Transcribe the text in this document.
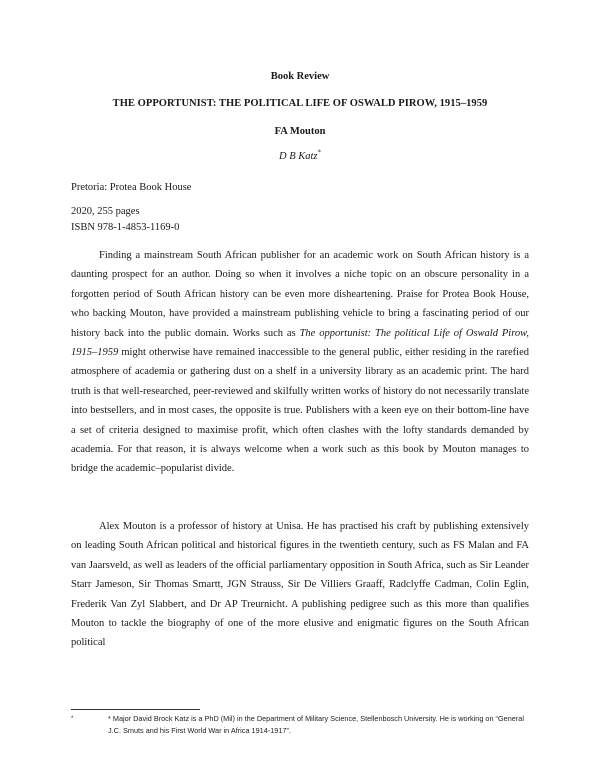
Book Review
THE OPPORTUNIST: THE POLITICAL LIFE OF OSWALD PIROW, 1915–1959
FA Mouton
D B Katz*
Pretoria: Protea Book House
2020, 255 pages
ISBN 978-1-4853-1169-0

Finding a mainstream South African publisher for an academic work on South African history is a daunting prospect for an author. Doing so when it involves a niche topic on an obscure personality in a forgotten period of South African history can be even more disheartening. Praise for Protea Book House, who backing Mouton, have provided a mainstream publishing vehicle to bring a fascinating period of our history back into the public domain. Works such as The opportunist: The political Life of Oswald Pirow, 1915–1959 might otherwise have remained inaccessible to the general public, either residing in the rarefied atmosphere of academia or gathering dust on a shelf in a university library as an academic print. The hard truth is that well-researched, peer-reviewed and skilfully written works of history do not necessarily translate into bestsellers, and in most cases, the opposite is true. Publishers with a keen eye on their bottom-line have a set of criteria designed to maximise profit, which often clashes with the lofty standards demanded by academia. For that reason, it is always welcome when a work such as this book by Mouton manages to bridge the academic–popularist divide.

Alex Mouton is a professor of history at Unisa. He has practised his craft by publishing extensively on leading South African political and historical figures in the twentieth century, such as FS Malan and FA van Jaarsveld, as well as leaders of the official parliamentary opposition in South Africa, such as Sir Leander Starr Jameson, Sir Thomas Smartt, JGN Strauss, Sir De Villiers Graaff, Radclyffe Cadman, Colin Eglin, Frederik Van Zyl Slabbert, and Dr AP Treurnicht. A publishing pedigree such as this more than qualifies Mouton to tackle the biography of one of the more elusive and enigmatic figures on the South African political

*	* Major David Brock Katz is a PhD (Mil) in the Department of Military Science, Stellenbosch University. He is working on “General J.C. Smuts and his First World War in Africa 1914-1917”.
